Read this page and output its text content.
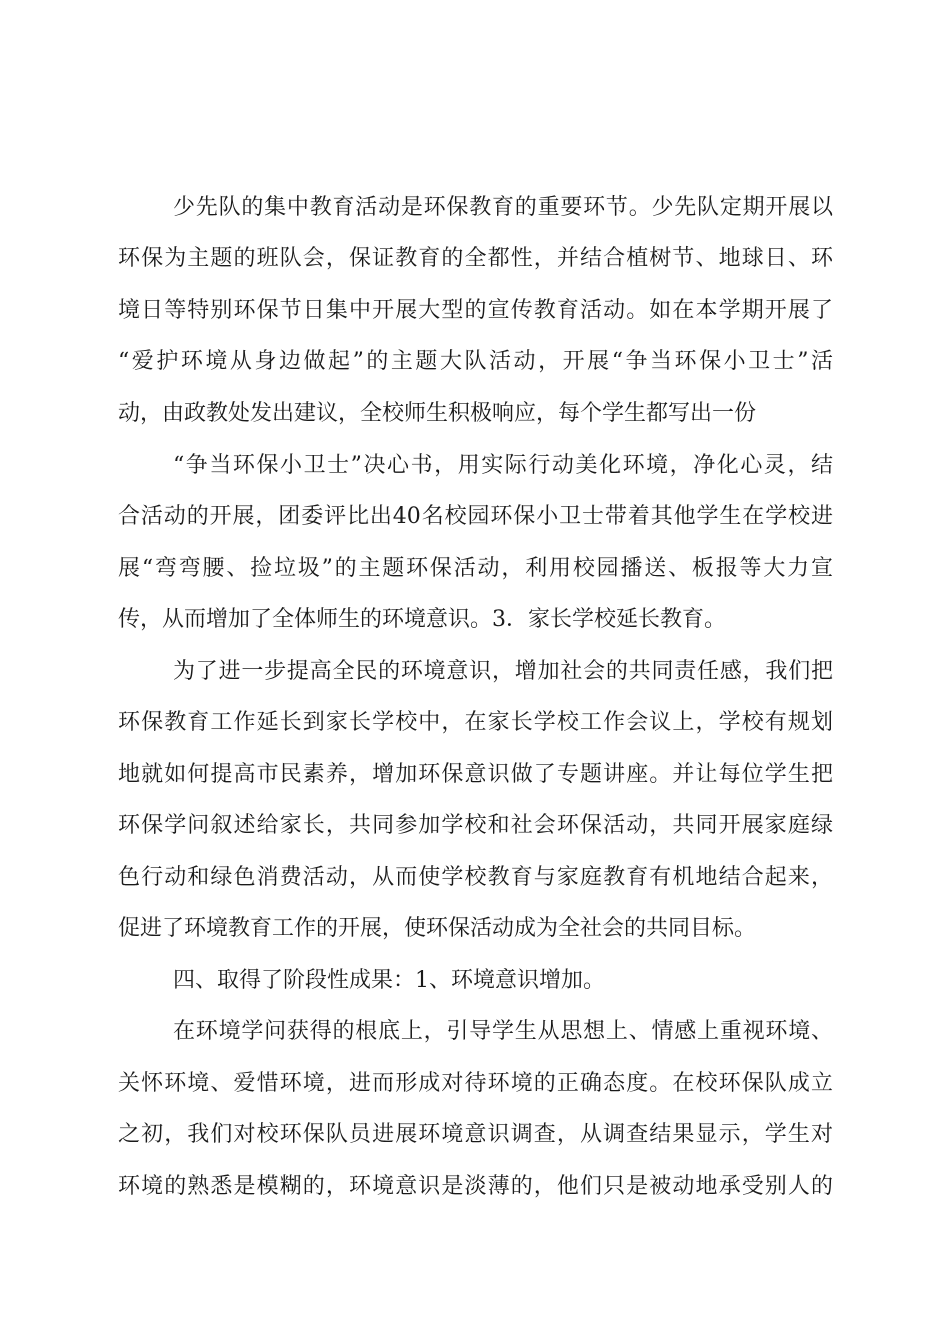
少先队的集中教育活动是环保教育的重要环节。少先队定期开展以
环保为主题的班队会，保证教育的全都性，并结合植树节、地球日、环
境日等特别环保节日集中开展大型的宣传教育活动。如在本学期开展了
“爱护环境从身边做起”的主题大队活动，开展“争当环保小卫士”活
动，由政教处发出建议，全校师生积极响应，每个学生都写出一份
“争当环保小卫士”决心书，用实际行动美化环境，净化心灵，结
合活动的开展，团委评比出40名校园环保小卫士带着其他学生在学校进
展“弯弯腰、捡垃圾”的主题环保活动，利用校园播送、板报等大力宣
传，从而增加了全体师生的环境意识。3．家长学校延长教育。
为了进一步提高全民的环境意识，增加社会的共同责任感，我们把
环保教育工作延长到家长学校中，在家长学校工作会议上，学校有规划
地就如何提高市民素养，增加环保意识做了专题讲座。并让每位学生把
环保学问叙述给家长，共同参加学校和社会环保活动，共同开展家庭绿
色行动和绿色消费活动，从而使学校教育与家庭教育有机地结合起来，
促进了环境教育工作的开展，使环保活动成为全社会的共同目标。
四、取得了阶段性成果：1、环境意识增加。
在环境学问获得的根底上，引导学生从思想上、情感上重视环境、
关怀环境、爱惜环境，进而形成对待环境的正确态度。在校环保队成立
之初，我们对校环保队员进展环境意识调查，从调查结果显示，学生对
环境的熟悉是模糊的，环境意识是淡薄的，他们只是被动地承受别人的
